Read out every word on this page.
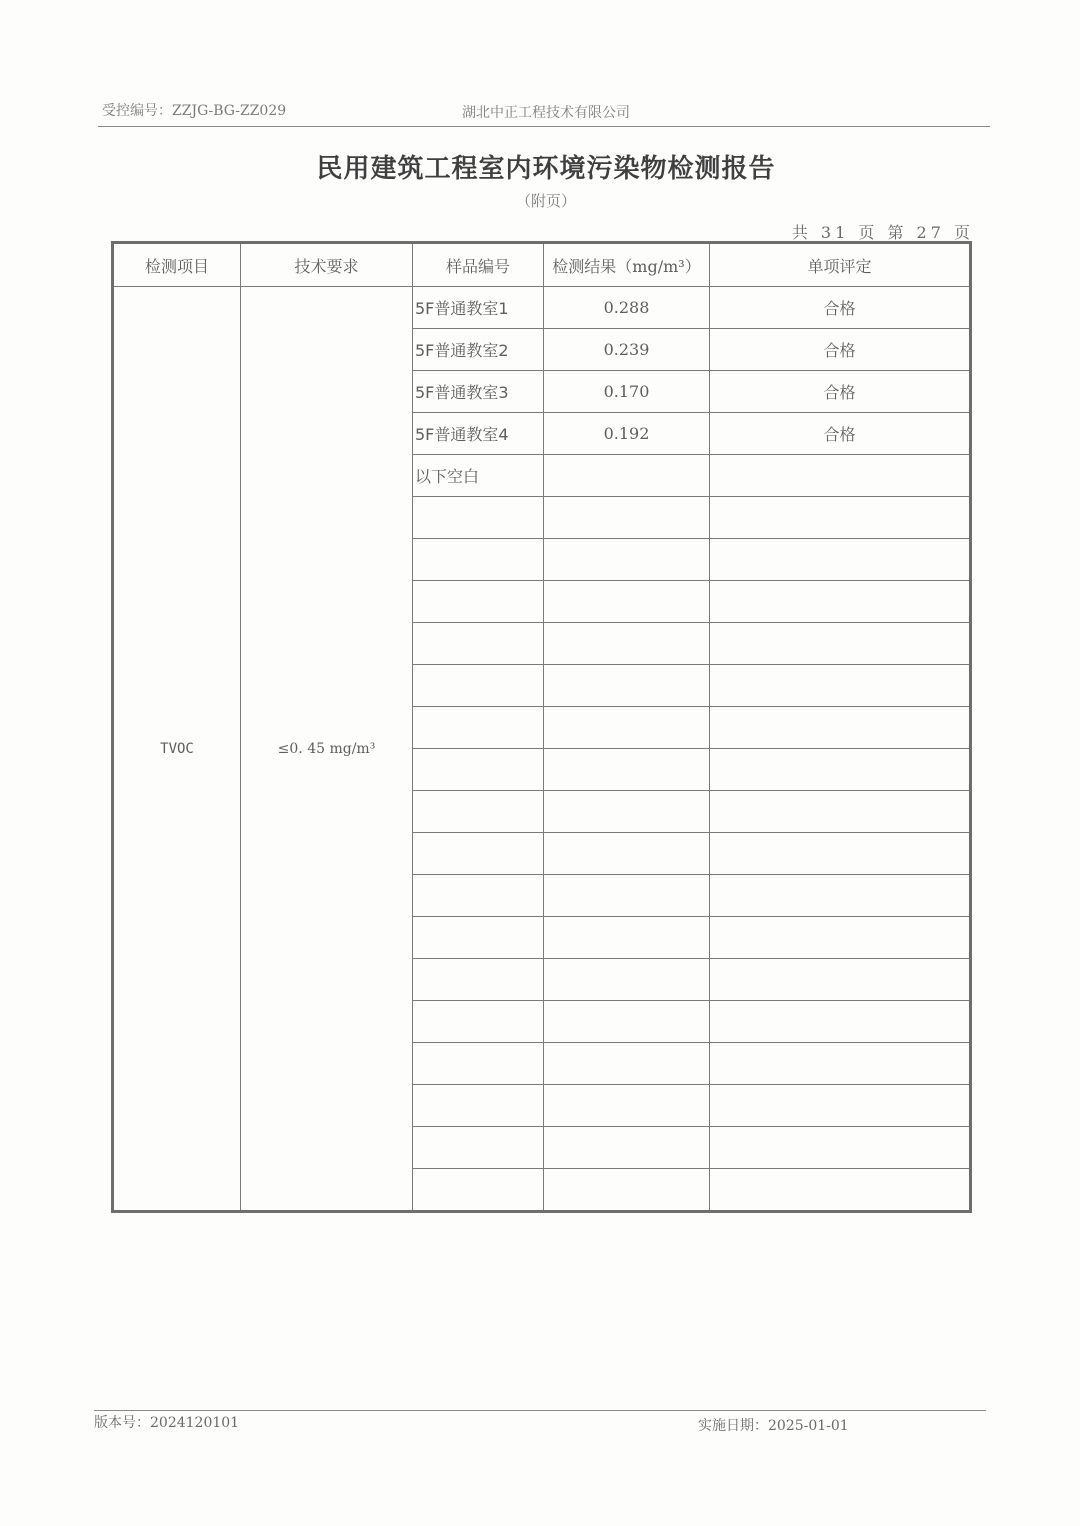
受控编号：ZZJG-BG-ZZ029	湖北中正工程技术有限公司
民用建筑工程室内环境污染物检测报告
（附页）
共 31 页 第 27 页
检测项目	技术要求	样品编号	检测结果（mg/m³）	单项评定
TVOC	≤0. 45 mg/m³	5F普通教室1	0.288	合格
		5F普通教室2	0.239	合格
		5F普通教室3	0.170	合格
		5F普通教室4	0.192	合格
		以下空白		

版本号：2024120101	实施日期：2025-01-01
